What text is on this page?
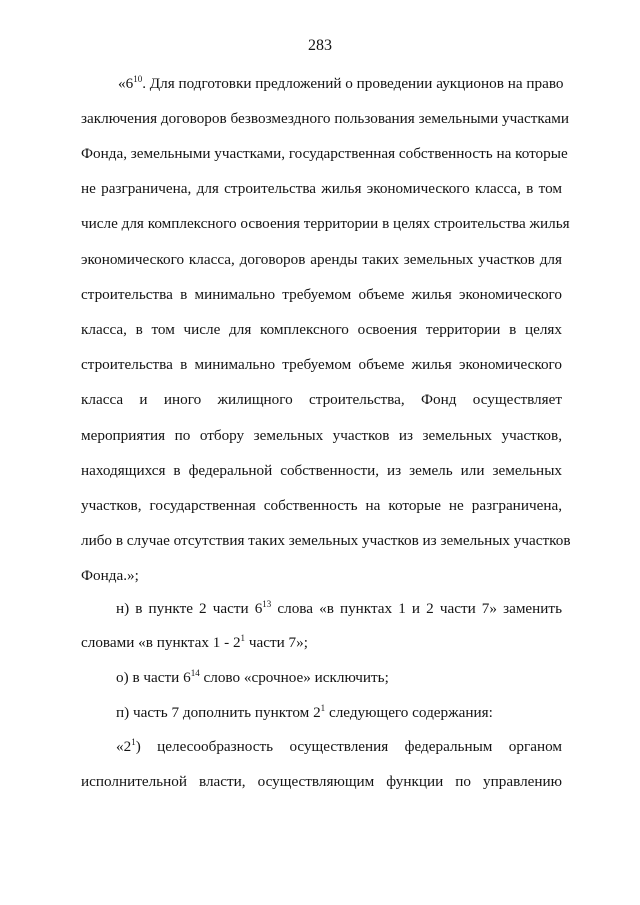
283
«$6^{10}$. Для подготовки предложений о проведении аукционов на право
заключения договоров безвозмездного пользования земельными участками
Фонда, земельными участками, государственная собственность на которые
не разграничена, для строительства жилья экономического класса, в том
числе для комплексного освоения территории в целях строительства жилья
экономического класса, договоров аренды таких земельных участков для
строительства в минимально требуемом объеме жилья экономического
класса, в том числе для комплексного освоения территории в целях
строительства в минимально требуемом объеме жилья экономического
класса и иного жилищного строительства, Фонд осуществляет
мероприятия по отбору земельных участков из земельных участков,
находящихся в федеральной собственности, из земель или земельных
участков, государственная собственность на которые не разграничена,
либо в случае отсутствия таких земельных участков из земельных участков
Фонда.»;
н) в пункте 2 части $6^{13}$ слова «в пунктах 1 и 2 части 7» заменить
словами «в пунктах $1 - 2^1$ части 7»;
о) в части $6^{14}$ слово «срочное» исключить;
п) часть 7 дополнить пунктом $2^1$ следующего содержания:
«$2^1$) целесообразность осуществления федеральным органом
исполнительной власти, осуществляющим функции по управлению
